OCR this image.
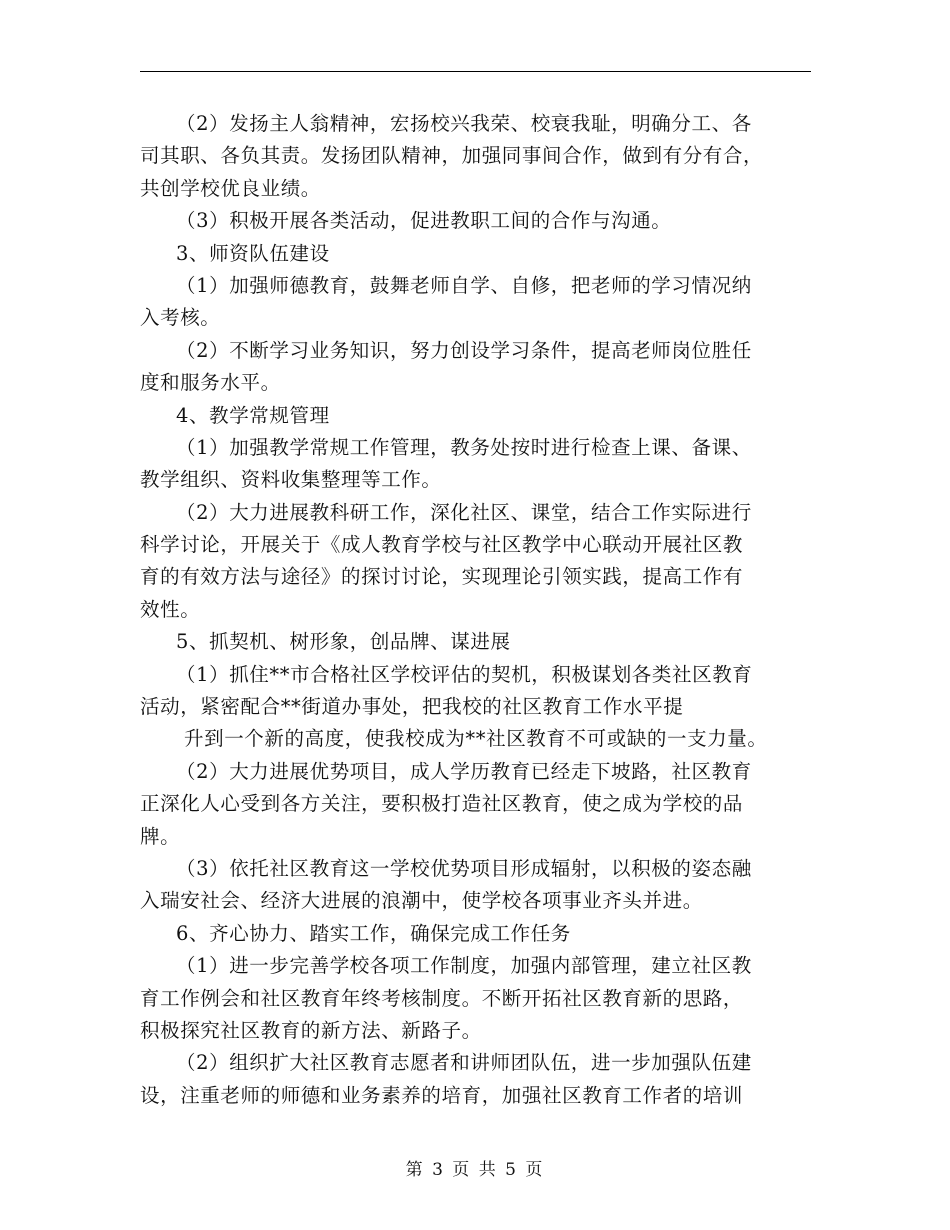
（2）发扬主人翁精神，宏扬校兴我荣、校衰我耻，明确分工、各
司其职、各负其责。发扬团队精神，加强同事间合作，做到有分有合，
共创学校优良业绩。
（3）积极开展各类活动，促进教职工间的合作与沟通。
3、师资队伍建设
（1）加强师德教育，鼓舞老师自学、自修，把老师的学习情况纳
入考核。
（2）不断学习业务知识，努力创设学习条件，提高老师岗位胜任
度和服务水平。
4、教学常规管理
（1）加强教学常规工作管理，教务处按时进行检查上课、备课、
教学组织、资料收集整理等工作。
（2）大力进展教科研工作，深化社区、课堂，结合工作实际进行
科学讨论，开展关于《成人教育学校与社区教学中心联动开展社区教
育的有效方法与途径》的探讨讨论，实现理论引领实践，提高工作有
效性。
5、抓契机、树形象，创品牌、谋进展
（1）抓住**市合格社区学校评估的契机，积极谋划各类社区教育
活动，紧密配合**街道办事处，把我校的社区教育工作水平提
升到一个新的高度，使我校成为**社区教育不可或缺的一支力量。
（2）大力进展优势项目，成人学历教育已经走下坡路，社区教育
正深化人心受到各方关注，要积极打造社区教育，使之成为学校的品
牌。
（3）依托社区教育这一学校优势项目形成辐射，以积极的姿态融
入瑞安社会、经济大进展的浪潮中，使学校各项事业齐头并进。
6、齐心协力、踏实工作，确保完成工作任务
（1）进一步完善学校各项工作制度，加强内部管理，建立社区教
育工作例会和社区教育年终考核制度。不断开拓社区教育新的思路，
积极探究社区教育的新方法、新路子。
（2）组织扩大社区教育志愿者和讲师团队伍，进一步加强队伍建
设，注重老师的师德和业务素养的培育，加强社区教育工作者的培训
第 3 页 共 5 页
